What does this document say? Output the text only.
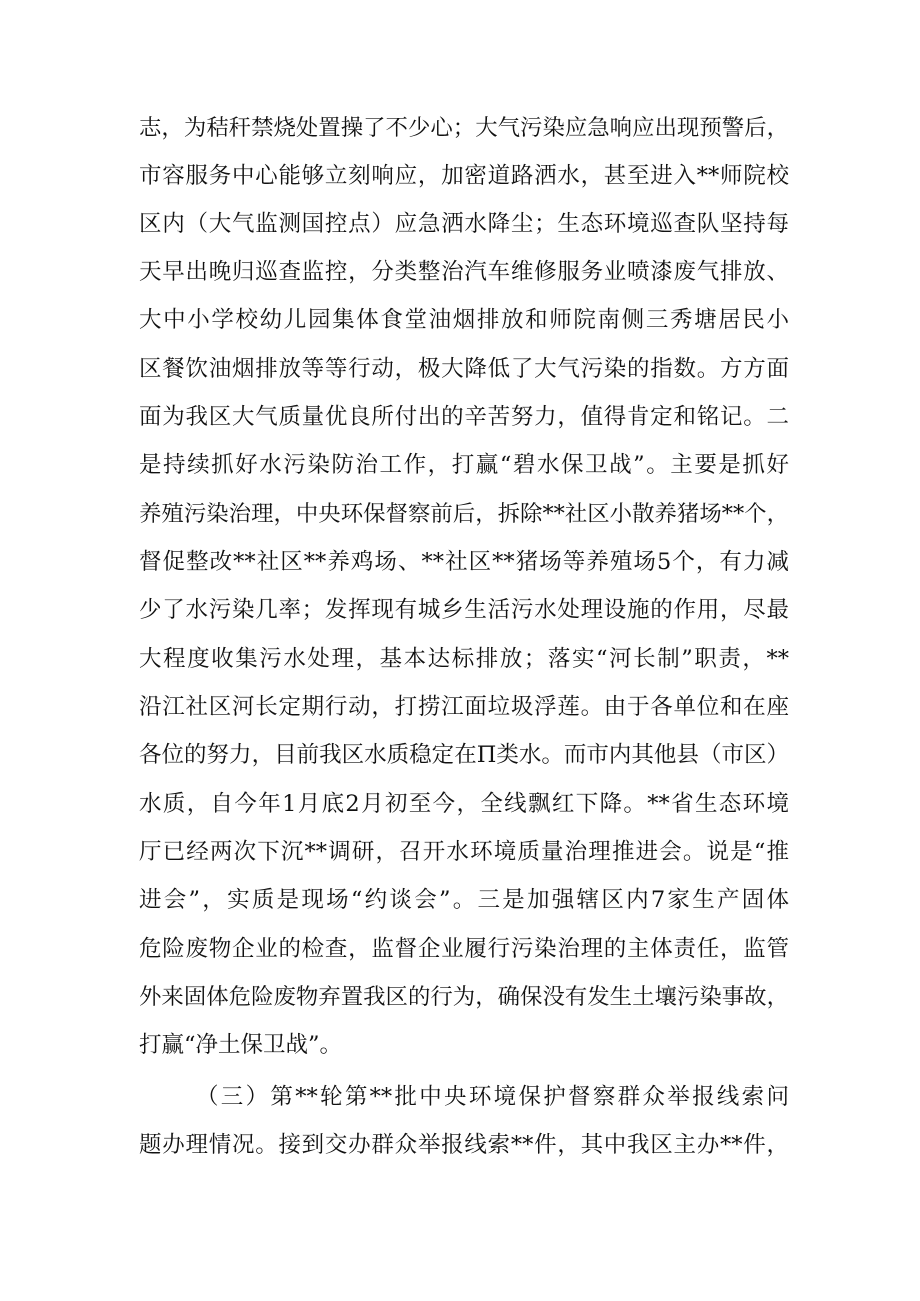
志，为秸秆禁烧处置操了不少心；大气污染应急响应出现预警后，
市容服务中心能够立刻响应，加密道路洒水，甚至进入**师院校
区内（大气监测国控点）应急洒水降尘；生态环境巡查队坚持每
天早出晚归巡查监控，分类整治汽车维修服务业喷漆废气排放、
大中小学校幼儿园集体食堂油烟排放和师院南侧三秀塘居民小
区餐饮油烟排放等等行动，极大降低了大气污染的指数。方方面
面为我区大气质量优良所付出的辛苦努力，值得肯定和铭记。二
是持续抓好水污染防治工作，打赢“碧水保卫战”。主要是抓好
养殖污染治理，中央环保督察前后，拆除**社区小散养猪场**个，
督促整改**社区**养鸡场、**社区**猪场等养殖场5个，有力减
少了水污染几率；发挥现有城乡生活污水处理设施的作用，尽最
大程度收集污水处理，基本达标排放；落实“河长制”职责，**
沿江社区河长定期行动，打捞江面垃圾浮莲。由于各单位和在座
各位的努力，目前我区水质稳定在Π类水。而市内其他县（市区）
水质，自今年1月底2月初至今，全线飘红下降。**省生态环境
厅已经两次下沉**调研，召开水环境质量治理推进会。说是“推
进会”，实质是现场“约谈会”。三是加强辖区内7家生产固体
危险废物企业的检查，监督企业履行污染治理的主体责任，监管
外来固体危险废物弃置我区的行为，确保没有发生土壤污染事故，
打赢“净土保卫战”。
（三）第**轮第**批中央环境保护督察群众举报线索问
题办理情况。接到交办群众举报线索**件，其中我区主办**件，
